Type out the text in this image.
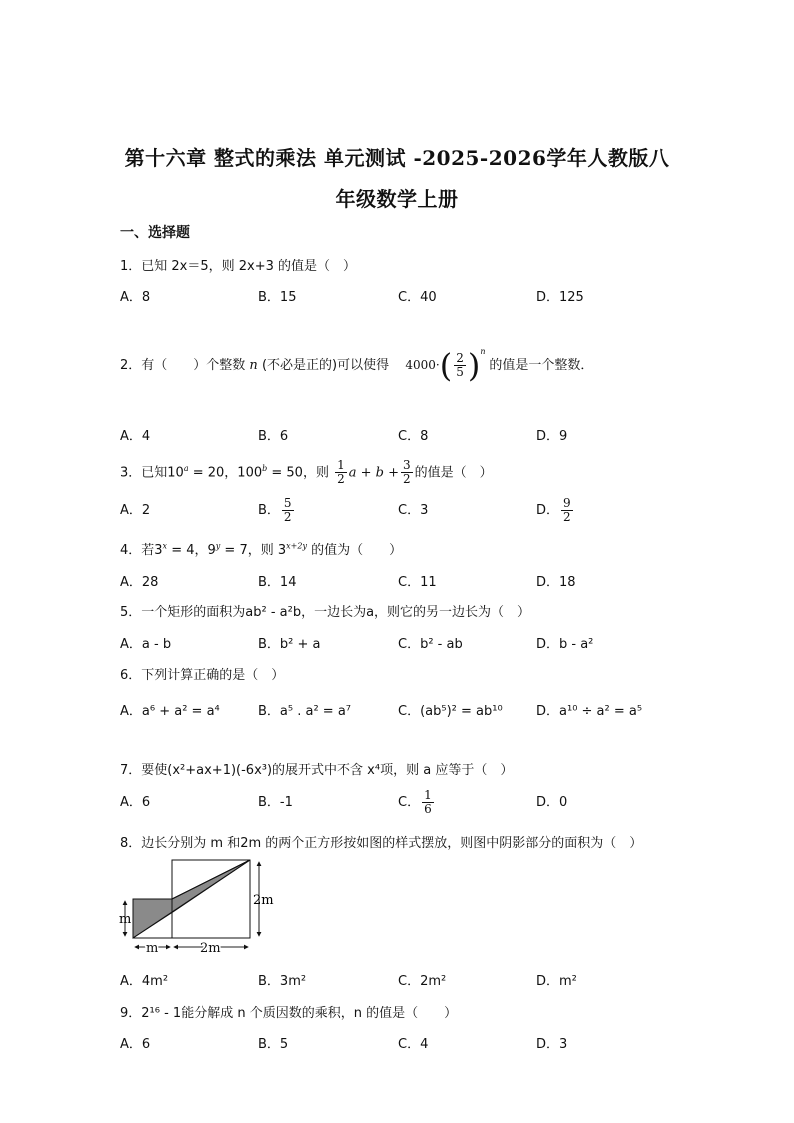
第十六章 整式的乘法 单元测试 -2025-2026学年人教版八
年级数学上册
一、选择题
1．已知 2x＝5，则 2x+3 的值是（　）
A．8	B．15	C．40	D．125
2．有（　　）个整数 n (不必是正的)可以使得 $4000\cdot( \frac{2}{5} )^n$ 的值是一个整数．
A．4	B．6	C．8	D．9
3．已知$10^a = 20$，$100^b = 50$，则 $\frac{1}{2}$ $a + b + \frac{3}{2}$ 的值是（　）
A．2	B． $\frac{5}{2}$	C．3	D． $\frac{9}{2}$
4．若$3^x = 4$，$9^y = 7$，则 $3^{x+2y}$ 的值为（　　）
A．28	B．14	C．11	D．18
5．一个矩形的面积为ab² - a²b，一边长为a，则它的另一边长为（　）
A．a - b	B．b² + a	C．b² - ab	D．b - a²
6．下列计算正确的是（　）
A．a⁶ + a² = a⁴	B．a⁵ . a² = a⁷	C．(ab⁵)² = ab¹⁰	D．a¹⁰ ÷ a² = a⁵
7．要使(x²+ax+1)(-6x³)的展开式中不含 x⁴项，则 a 应等于（　）
A．6	B．-1	C． $\frac{1}{6}$	D．0
8．边长分别为 m 和2m 的两个正方形按如图的样式摆放，则图中阴影部分的面积为（　）
m
2m
m	2m
A．4m²	B．3m²	C．2m²	D．m²
9．2¹⁶ - 1能分解成 n 个质因数的乘积，n 的值是（　　）
A．6	B．5	C．4	D．3
